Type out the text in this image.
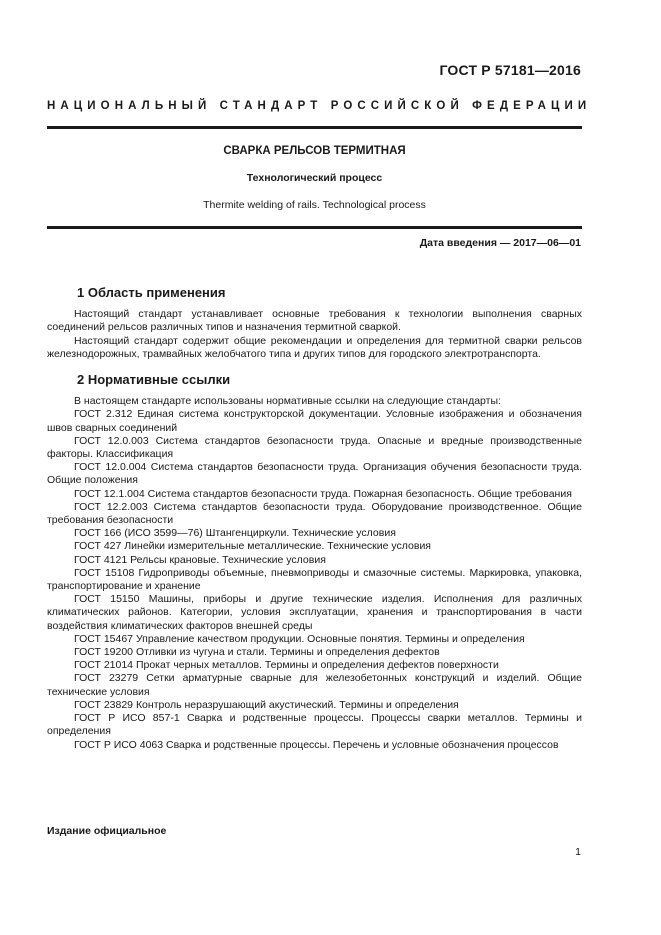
ГОСТ Р 57181—2016
НАЦИОНАЛЬНЫЙ СТАНДАРТ РОССИЙСКОЙ ФЕДЕРАЦИИ

СВАРКА РЕЛЬСОВ ТЕРМИТНАЯ

Технологический процесс

Thermite welding of rails. Technological process

Дата введения — 2017—06—01
1 Область применения

Настоящий стандарт устанавливает основные требования к технологии выполнения сварных соединений рельсов различных типов и назначения термитной сваркой.

Настоящий стандарт содержит общие рекомендации и определения для термитной сварки рельсов железнодорожных, трамвайных желобчатого типа и других типов для городского электротранспорта.

2 Нормативные ссылки

В настоящем стандарте использованы нормативные ссылки на следующие стандарты:

ГОСТ 2.312 Единая система конструкторской документации. Условные изображения и обозначения швов сварных соединений

ГОСТ 12.0.003 Система стандартов безопасности труда. Опасные и вредные производственные факторы. Классификация

ГОСТ 12.0.004 Система стандартов безопасности труда. Организация обучения безопасности труда. Общие положения

ГОСТ 12.1.004 Система стандартов безопасности труда. Пожарная безопасность. Общие требования

ГОСТ 12.2.003 Система стандартов безопасности труда. Оборудование производственное. Общие требования безопасности

ГОСТ 166 (ИСО 3599—76) Штангенциркули. Технические условия

ГОСТ 427 Линейки измерительные металлические. Технические условия

ГОСТ 4121 Рельсы крановые. Технические условия

ГОСТ 15108 Гидроприводы объемные, пневмоприводы и смазочные системы. Маркировка, упаковка, транспортирование и хранение

ГОСТ 15150 Машины, приборы и другие технические изделия. Исполнения для различных климатических районов. Категории, условия эксплуатации, хранения и транспортирования в части воздействия климатических факторов внешней среды

ГОСТ 15467 Управление качеством продукции. Основные понятия. Термины и определения

ГОСТ 19200 Отливки из чугуна и стали. Термины и определения дефектов

ГОСТ 21014 Прокат черных металлов. Термины и определения дефектов поверхности

ГОСТ 23279 Сетки арматурные сварные для железобетонных конструкций и изделий. Общие технические условия

ГОСТ 23829 Контроль неразрушающий акустический. Термины и определения

ГОСТ Р ИСО 857-1 Сварка и родственные процессы. Процессы сварки металлов. Термины и определения

ГОСТ Р ИСО 4063 Сварка и родственные процессы. Перечень и условные обозначения процессов

Издание официальное
1
